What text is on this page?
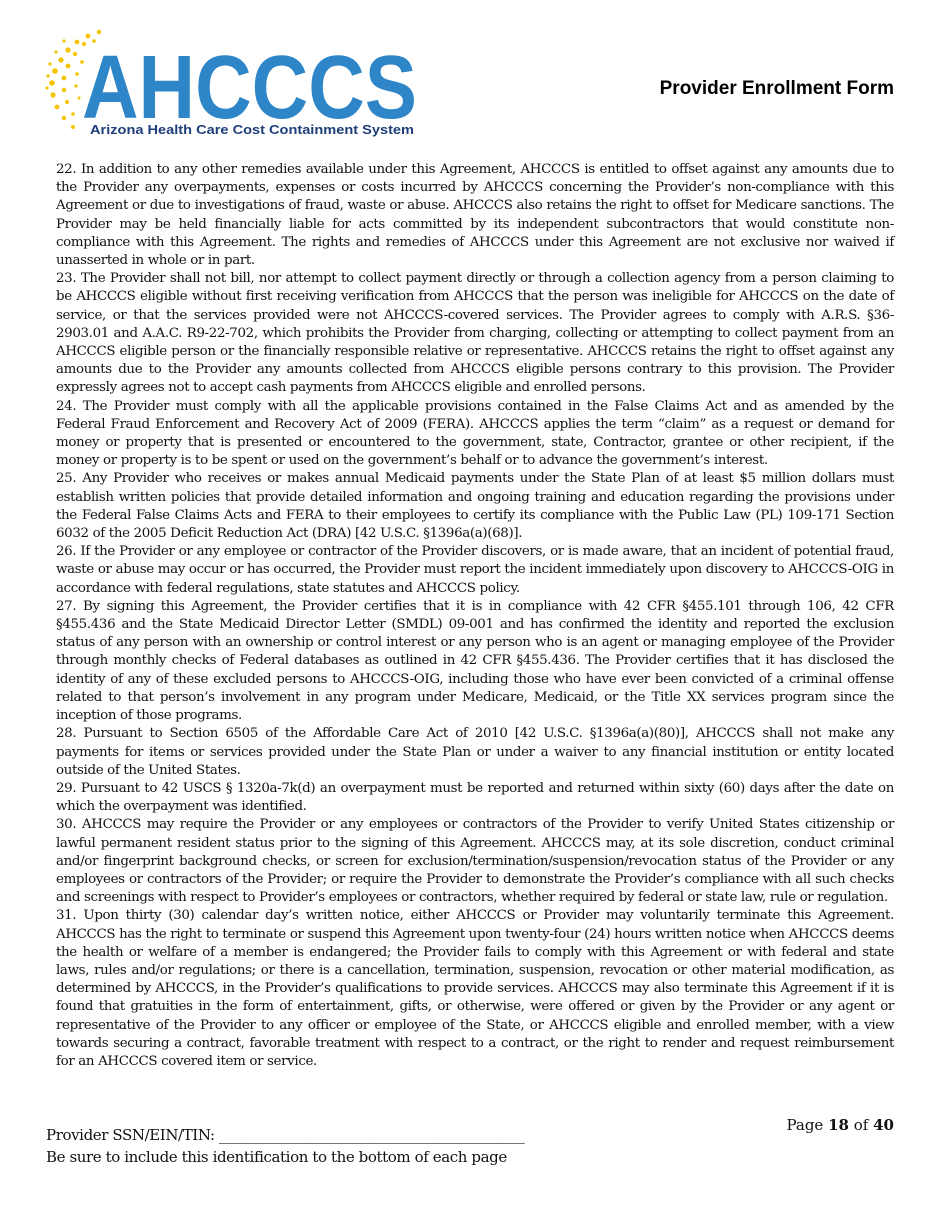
AHCCCS
Arizona Health Care Cost Containment System
Provider Enrollment Form

22. In addition to any other remedies available under this Agreement, AHCCCS is entitled to offset against any amounts due to the Provider any overpayments, expenses or costs incurred by AHCCCS concerning the Provider’s non-compliance with this Agreement or due to investigations of fraud, waste or abuse. AHCCCS also retains the right to offset for Medicare sanctions. The Provider may be held financially liable for acts committed by its independent subcontractors that would constitute non-compliance with this Agreement. The rights and remedies of AHCCCS under this Agreement are not exclusive nor waived if unasserted in whole or in part.

23. The Provider shall not bill, nor attempt to collect payment directly or through a collection agency from a person claiming to be AHCCCS eligible without first receiving verification from AHCCCS that the person was ineligible for AHCCCS on the date of service, or that the services provided were not AHCCCS-covered services. The Provider agrees to comply with A.R.S. §36-2903.01 and A.A.C. R9-22-702, which prohibits the Provider from charging, collecting or attempting to collect payment from an AHCCCS eligible person or the financially responsible relative or representative. AHCCCS retains the right to offset against any amounts due to the Provider any amounts collected from AHCCCS eligible persons contrary to this provision. The Provider expressly agrees not to accept cash payments from AHCCCS eligible and enrolled persons.

24. The Provider must comply with all the applicable provisions contained in the False Claims Act and as amended by the Federal Fraud Enforcement and Recovery Act of 2009 (FERA). AHCCCS applies the term “claim” as a request or demand for money or property that is presented or encountered to the government, state, Contractor, grantee or other recipient, if the money or property is to be spent or used on the government’s behalf or to advance the government’s interest.

25. Any Provider who receives or makes annual Medicaid payments under the State Plan of at least $5 million dollars must establish written policies that provide detailed information and ongoing training and education regarding the provisions under the Federal False Claims Acts and FERA to their employees to certify its compliance with the Public Law (PL) 109-171 Section 6032 of the 2005 Deficit Reduction Act (DRA) [42 U.S.C. §1396a(a)(68)].

26. If the Provider or any employee or contractor of the Provider discovers, or is made aware, that an incident of potential fraud, waste or abuse may occur or has occurred, the Provider must report the incident immediately upon discovery to AHCCCS-OIG in accordance with federal regulations, state statutes and AHCCCS policy.

27. By signing this Agreement, the Provider certifies that it is in compliance with 42 CFR §455.101 through 106, 42 CFR §455.436 and the State Medicaid Director Letter (SMDL) 09-001 and has confirmed the identity and reported the exclusion status of any person with an ownership or control interest or any person who is an agent or managing employee of the Provider through monthly checks of Federal databases as outlined in 42 CFR §455.436. The Provider certifies that it has disclosed the identity of any of these excluded persons to AHCCCS-OIG, including those who have ever been convicted of a criminal offense related to that person’s involvement in any program under Medicare, Medicaid, or the Title XX services program since the inception of those programs.

28. Pursuant to Section 6505 of the Affordable Care Act of 2010 [42 U.S.C. §1396a(a)(80)], AHCCCS shall not make any payments for items or services provided under the State Plan or under a waiver to any financial institution or entity located outside of the United States.

29. Pursuant to 42 USCS § 1320a-7k(d) an overpayment must be reported and returned within sixty (60) days after the date on which the overpayment was identified.

30. AHCCCS may require the Provider or any employees or contractors of the Provider to verify United States citizenship or lawful permanent resident status prior to the signing of this Agreement. AHCCCS may, at its sole discretion, conduct criminal and/or fingerprint background checks, or screen for exclusion/termination/suspension/revocation status of the Provider or any employees or contractors of the Provider; or require the Provider to demonstrate the Provider’s compliance with all such checks and screenings with respect to Provider’s employees or contractors, whether required by federal or state law, rule or regulation.

31. Upon thirty (30) calendar day’s written notice, either AHCCCS or Provider may voluntarily terminate this Agreement. AHCCCS has the right to terminate or suspend this Agreement upon twenty-four (24) hours written notice when AHCCCS deems the health or welfare of a member is endangered; the Provider fails to comply with this Agreement or with federal and state laws, rules and/or regulations; or there is a cancellation, termination, suspension, revocation or other material modification, as determined by AHCCCS, in the Provider’s qualifications to provide services. AHCCCS may also terminate this Agreement if it is found that gratuities in the form of entertainment, gifts, or otherwise, were offered or given by the Provider or any agent or representative of the Provider to any officer or employee of the State, or AHCCCS eligible and enrolled member, with a view towards securing a contract, favorable treatment with respect to a contract, or the right to render and request reimbursement for an AHCCCS covered item or service.

Provider SSN/EIN/TIN: ___________________________________________
Be sure to include this identification to the bottom of each page
Page 18 of 40
